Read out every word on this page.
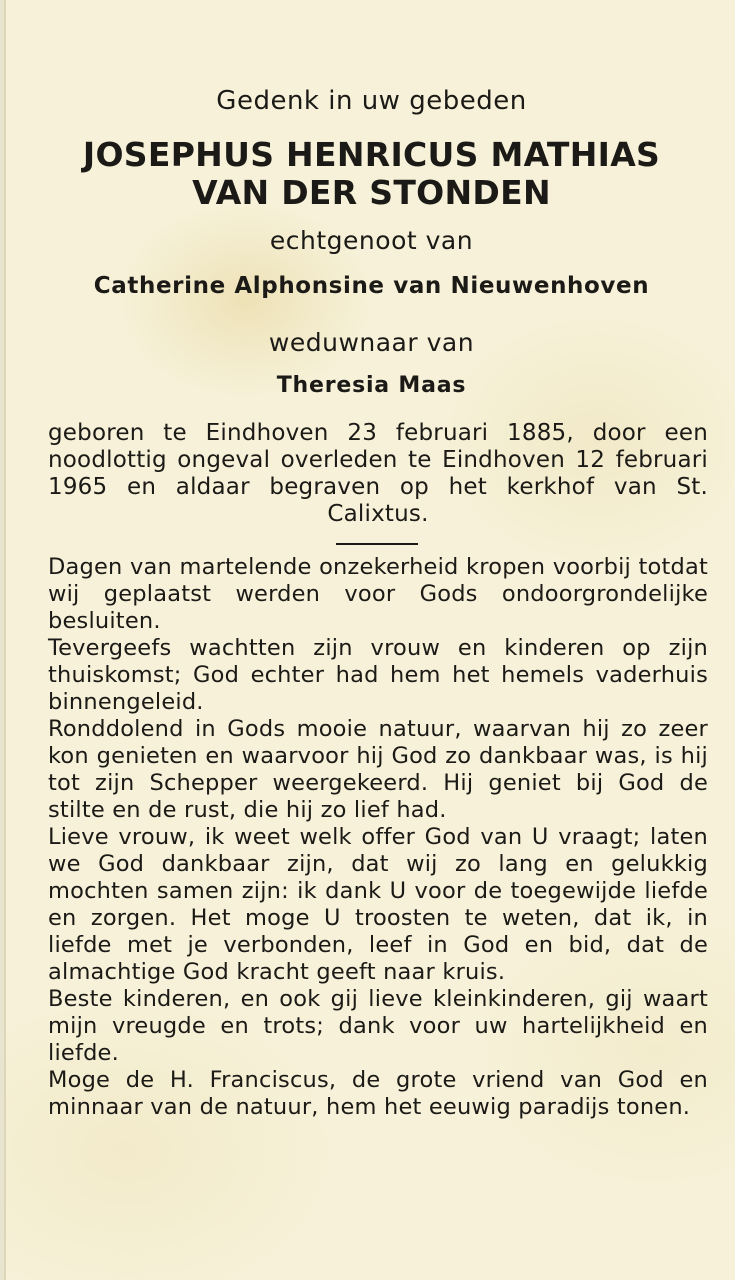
Gedenk in uw gebeden
JOSEPHUS HENRICUS MATHIAS
VAN DER STONDEN
echtgenoot van
Catherine Alphonsine van Nieuwenhoven
weduwnaar van
Theresia Maas
geboren te Eindhoven 23 februari 1885, door een noodlottig ongeval overleden te Eindhoven 12 februari 1965 en aldaar begraven op het kerkhof van St. Calixtus.

Dagen van martelende onzekerheid kropen voorbij totdat wij geplaatst werden voor Gods ondoorgrondelijke besluiten.

Tevergeefs wachtten zijn vrouw en kinderen op zijn thuiskomst; God echter had hem het hemels vaderhuis binnengeleid.

Ronddolend in Gods mooie natuur, waarvan hij zo zeer kon genieten en waarvoor hij God zo dankbaar was, is hij tot zijn Schepper weergekeerd. Hij geniet bij God de stilte en de rust, die hij zo lief had.

Lieve vrouw, ik weet welk offer God van U vraagt; laten we God dankbaar zijn, dat wij zo lang en gelukkig mochten samen zijn: ik dank U voor de toegewijde liefde en zorgen. Het moge U troosten te weten, dat ik, in liefde met je verbonden, leef in God en bid, dat de almachtige God kracht geeft naar kruis.

Beste kinderen, en ook gij lieve kleinkinderen, gij waart mijn vreugde en trots; dank voor uw hartelijkheid en liefde.

Moge de H. Franciscus, de grote vriend van God en minnaar van de natuur, hem het eeuwig paradijs tonen.
